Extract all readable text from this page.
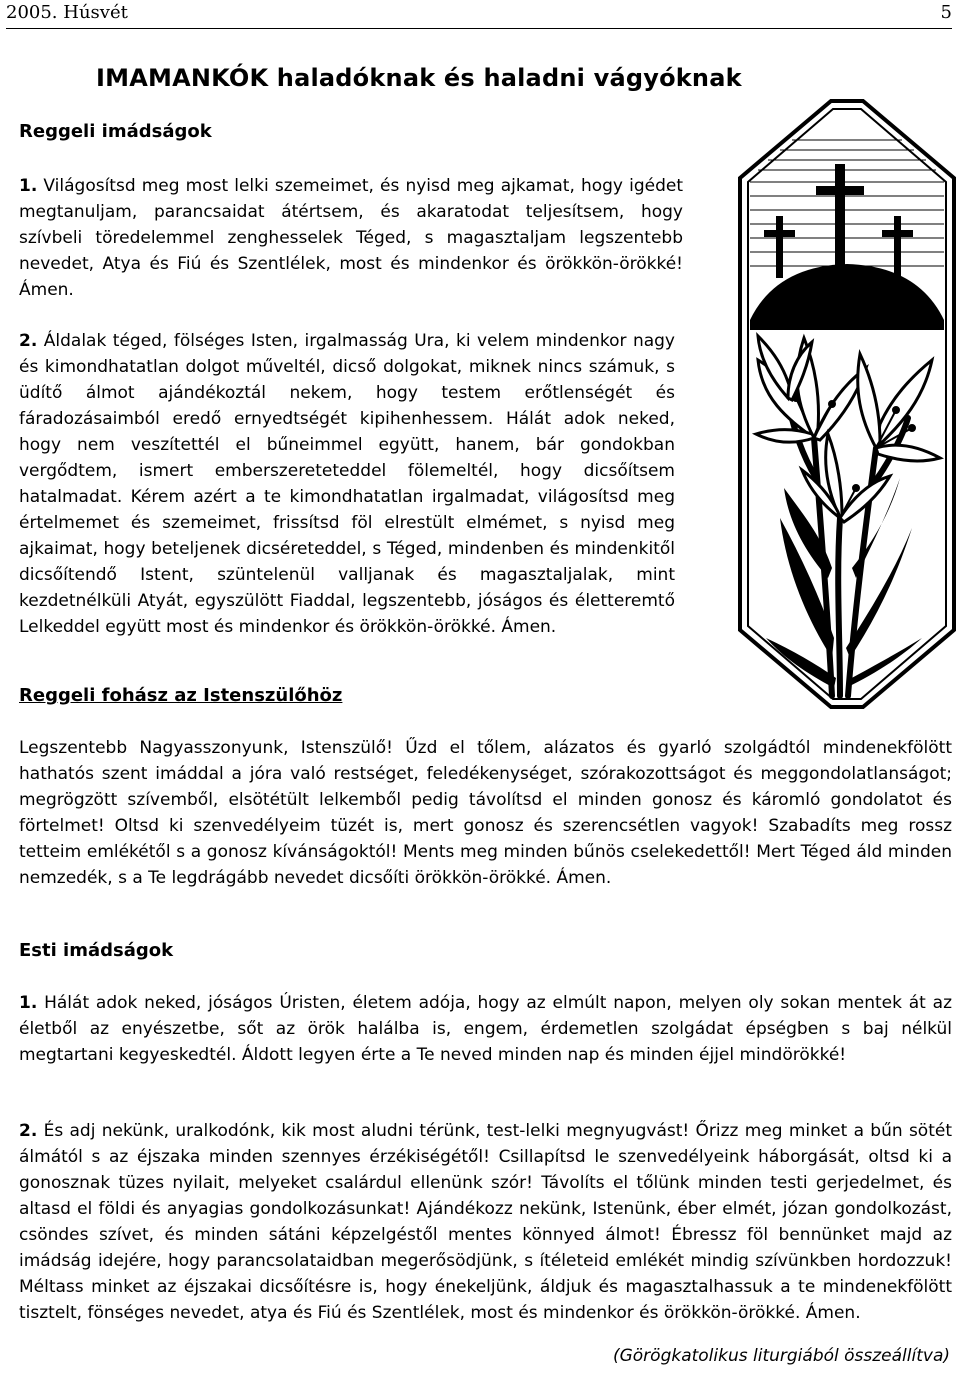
2005. Húsvét	5
IMAMANKÓK haladóknak és haladni vágyóknak
Reggeli imádságok

1. Világosítsd meg most lelki szemeimet, és nyisd meg ajkamat, hogy igédet megtanuljam, parancsaidat átértsem, és akaratodat teljesítsem, hogy szívbeli töredelemmel zenghesselek Téged, s magasztaljam legszentebb nevedet, Atya és Fiú és Szentlélek, most és mindenkor és örökkön-örökké! Ámen.

2. Áldalak téged, fölséges Isten, irgalmasság Ura, ki velem mindenkor nagy és kimondhatatlan dolgot műveltél, dicső dolgokat, miknek nincs számuk, s üdítő álmot ajándékoztál nekem, hogy testem erőtlenségét és fáradozásaimból eredő ernyedtségét kipihenhessem. Hálát adok neked, hogy nem veszítettél el bűneimmel együtt, hanem, bár gondokban vergődtem, ismert emberszereteteddel fölemeltél, hogy dicsőítsem hatalmadat. Kérem azért a te kimondhatatlan irgalmadat, világosítsd meg értelmemet és szemeimet, frissítsd föl elrestült elmémet, s nyisd meg ajkaimat, hogy beteljenek dicséreteddel, s Téged, mindenben és mindenkitől dicsőítendő Istent, szüntelenül valljanak és magasztaljalak, mint kezdetnélküli Atyát, egyszülött Fiaddal, legszentebb, jóságos és életteremtő Lelkeddel együtt most és mindenkor és örökkön-örökké. Ámen.

Reggeli fohász az Istenszülőhöz

Legszentebb Nagyasszonyunk, Istenszülő! Űzd el tőlem, alázatos és gyarló szolgádtól mindenekfölött hathatós szent imáddal a jóra való restséget, feledékenységet, szórakozottságot és meggondolatlanságot; megrögzött szívemből, elsötétült lelkemből pedig távolítsd el minden gonosz és káromló gondolatot és förtelmet! Oltsd ki szenvedélyeim tüzét is, mert gonosz és szerencsétlen vagyok! Szabadíts meg rossz tetteim emlékétől s a gonosz kívánságoktól! Ments meg minden bűnös cselekedettől! Mert Téged áld minden nemzedék, s a Te legdrágább nevedet dicsőíti örökkön-örökké. Ámen.

Esti imádságok

1. Hálát adok neked, jóságos Úristen, életem adója, hogy az elmúlt napon, melyen oly sokan mentek át az életből az enyészetbe, sőt az örök halálba is, engem, érdemetlen szolgádat épségben s baj nélkül megtartani kegyeskedtél. Áldott legyen érte a Te neved minden nap és minden éjjel mindörökké!

2. És adj nekünk, uralkodónk, kik most aludni térünk, test-lelki megnyugvást! Őrizz meg minket a bűn sötét álmától s az éjszaka minden szennyes érzékiségétől! Csillapítsd le szenvedélyeink háborgását, oltsd ki a gonosznak tüzes nyilait, melyeket csalárdul ellenünk szór! Távolíts el tőlünk minden testi gerjedelmet, és altasd el földi és anyagias gondolkozásunkat! Ajándékozz nekünk, Istenünk, éber elmét, józan gondolkozást, csöndes szívet, és minden sátáni képzelgéstől mentes könnyed álmot! Ébressz föl bennünket majd az imádság idejére, hogy parancsolataidban megerősödjünk, s ítéleteid emlékét mindig szívünkben hordozzuk! Méltass minket az éjszakai dicsőítésre is, hogy énekeljünk, áldjuk és magasztalhassuk a te mindenekfölött tisztelt, fönséges nevedet, atya és Fiú és Szentlélek, most és mindenkor és örökkön-örökké. Ámen.

(Görögkatolikus liturgiából összeállítva)
